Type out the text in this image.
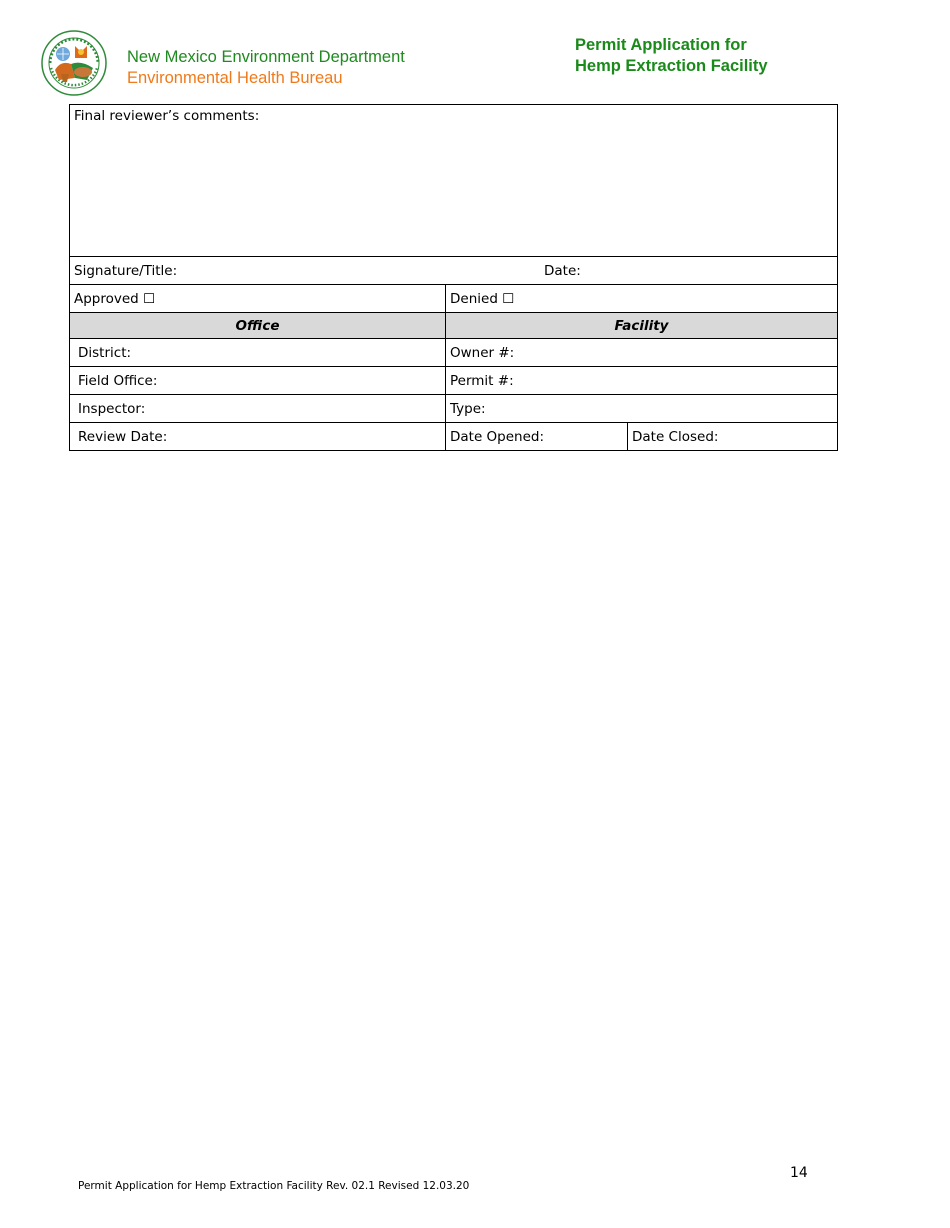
New Mexico Environment Department
Environmental Health Bureau
Permit Application for
Hemp Extraction Facility
Final reviewer’s comments:		
Signature/Title: Date:		

Approved ☐	Denied ☐	
Office	Facility	
District:	Owner #:	
Field Office:	Permit #:	
Inspector:	Type:	
Review Date:	Date Opened:	Date Closed:
14
Permit Application for Hemp Extraction Facility Rev. 02.1 Revised 12.03.20
